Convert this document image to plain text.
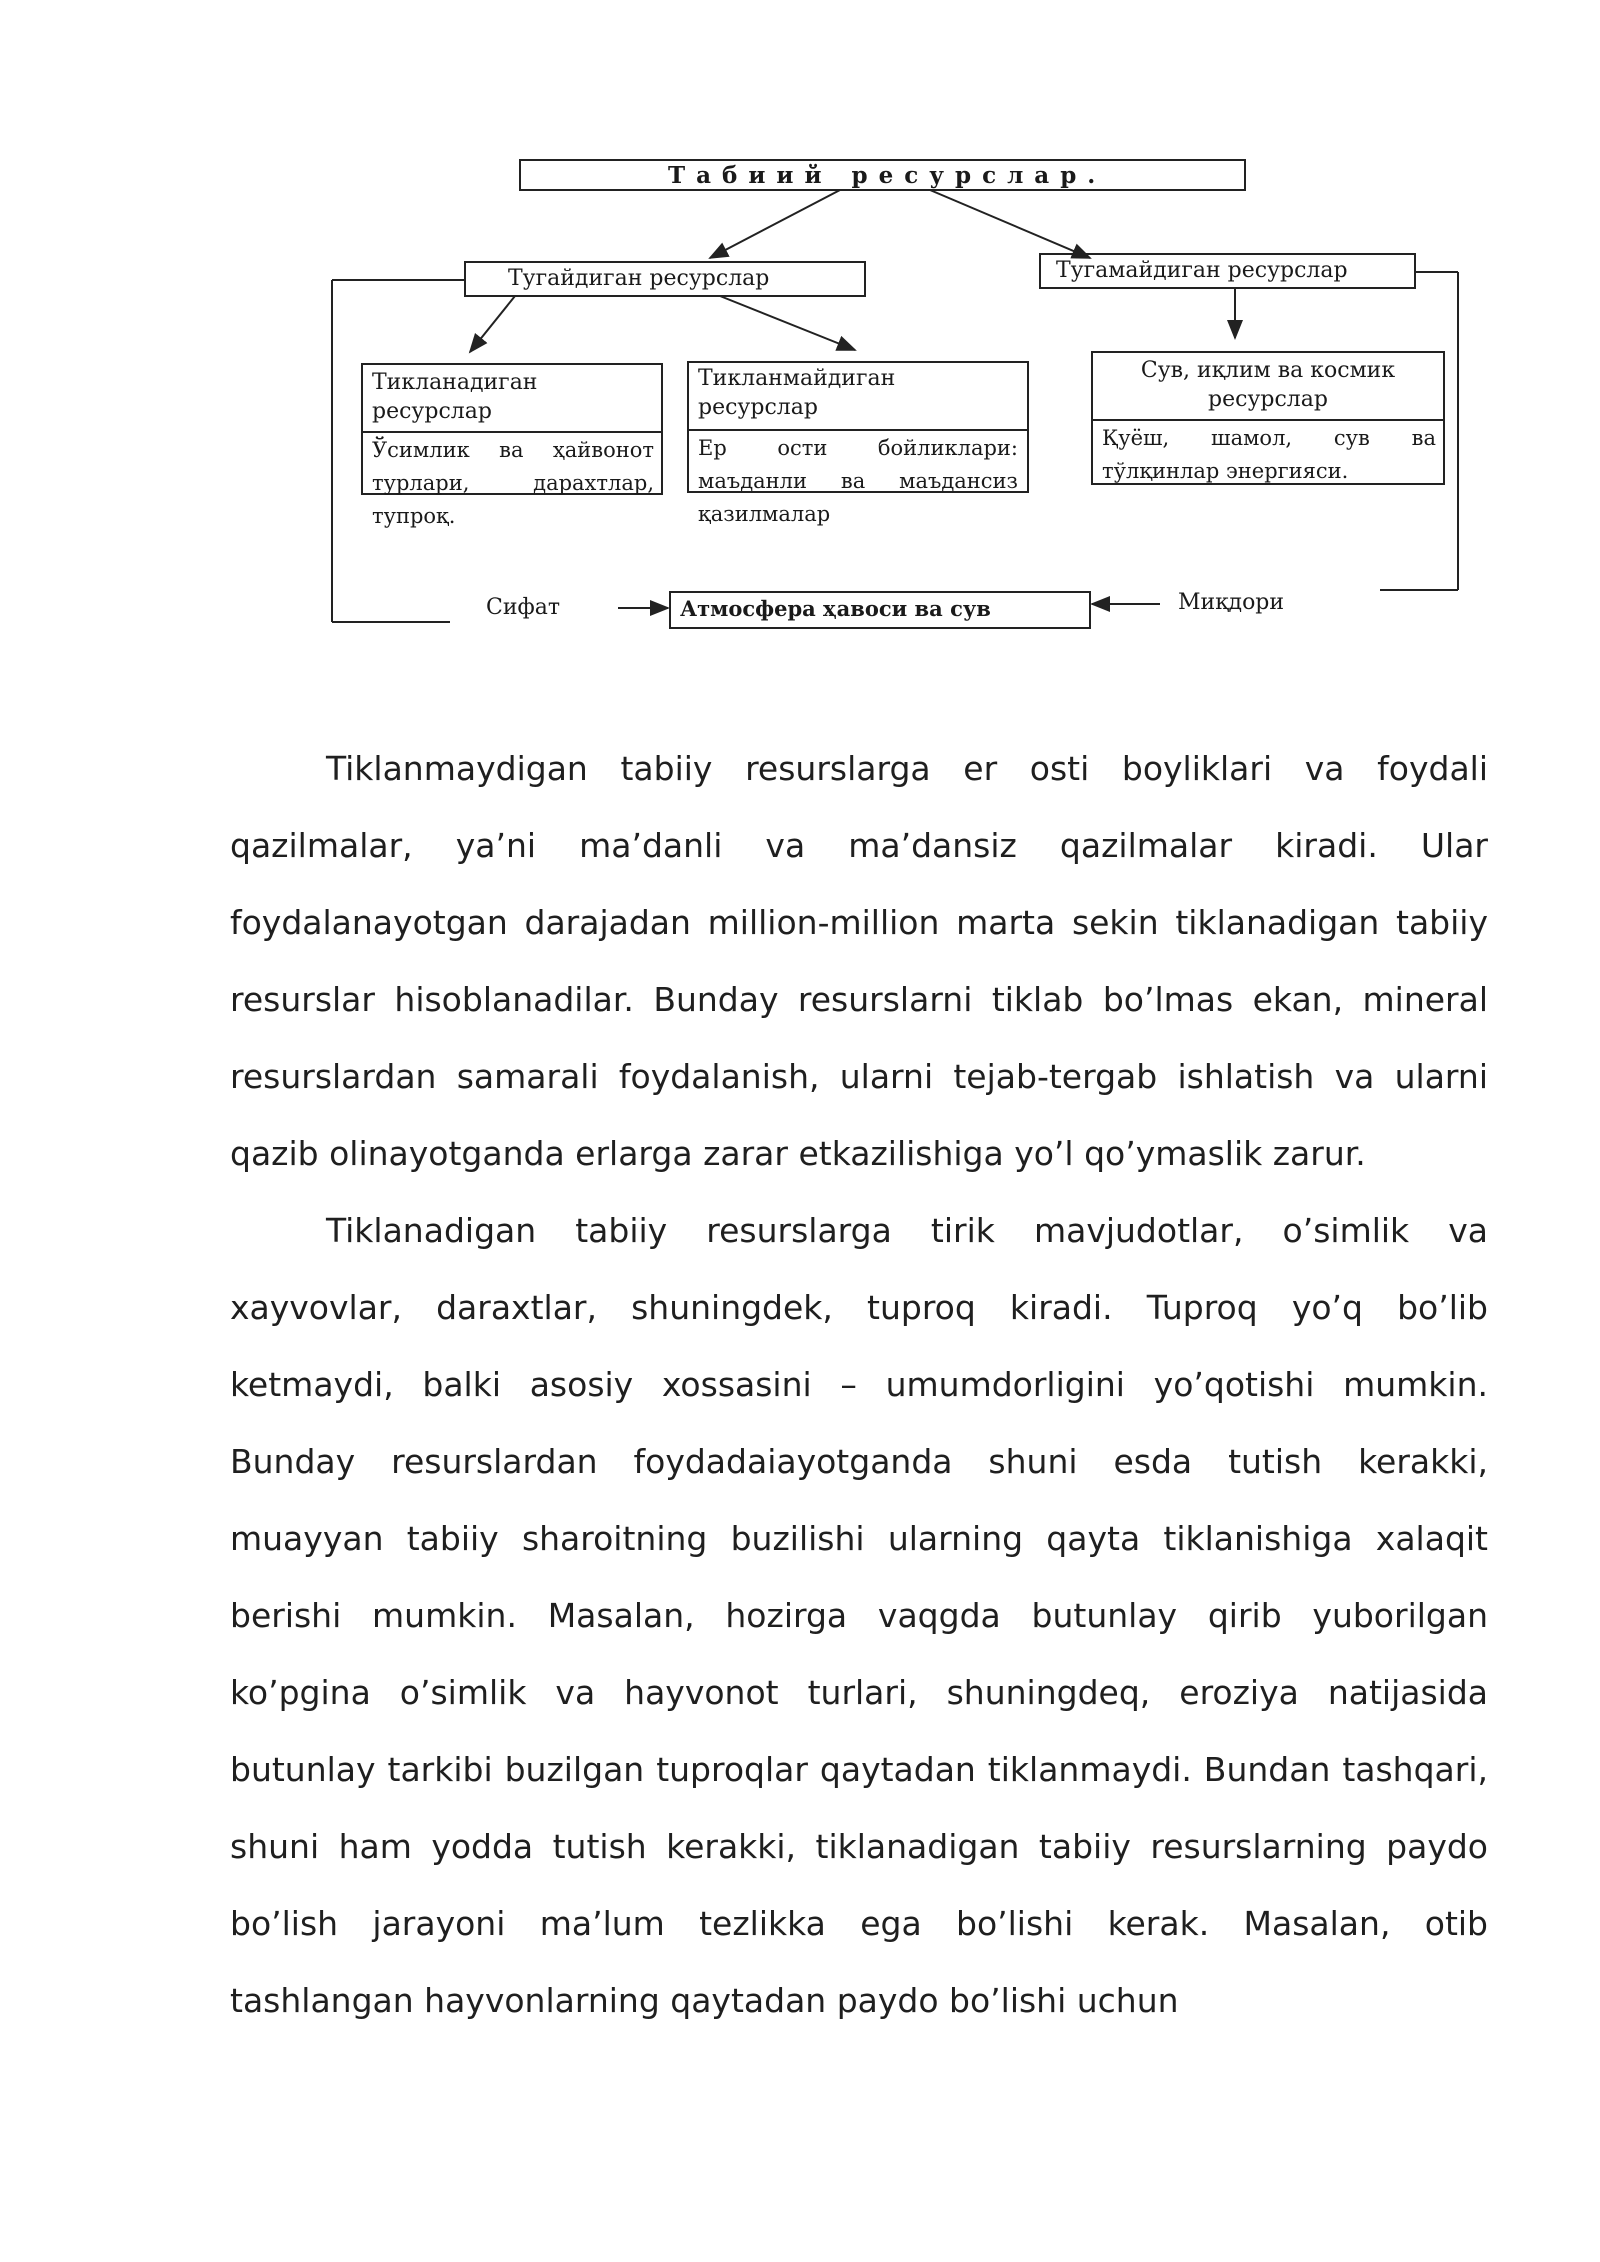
Табиий ресурслар.
Тугайдиган ресурслар	Тугамайдиган ресурслар
Тикланадиган ресурслар
Ўсимлик ва ҳайвонот турлари, дарахтлар, тупроқ.
Тикланмайдиган ресурслар
Ер ости бойликлари: маъданли ва маъдансиз қазилмалар
Сув, иқлим ва космик ресурслар
Қуёш, шамол, сув ва тўлқинлар энергияси.
Сифат	Атмосфера ҳавоси ва сув	Миқдори

Tiklanmaydigan tabiiy resurslarga er osti boyliklari va foydali qazilmalar, ya’ni ma’danli va ma’dansiz qazilmalar kiradi. Ular foydalanayotgan darajadan million-million marta sekin tiklanadigan tabiiy resurslar hisoblanadilar. Bunday resurslarni tiklab bo’lmas ekan, mineral resurslardan samarali foydalanish, ularni tejab-tergab ishlatish va ularni qazib olinayotganda erlarga zarar etkazilishiga yo’l qo’ymaslik zarur.

Tiklanadigan tabiiy resurslarga tirik mavjudotlar, o’simlik va xayvovlar, daraxtlar, shuningdek, tuproq kiradi. Tuproq yo’q bo’lib ketmaydi, balki asosiy xossasini – umumdorligini yo’qotishi mumkin. Bunday resurslardan foydadaiayotganda shuni esda tutish kerakki, muayyan tabiiy sharoitning buzilishi ularning qayta tiklanishiga xalaqit berishi mumkin. Masalan, hozirga vaqgda butunlay qirib yuborilgan ko’pgina o’simlik va hayvonot turlari, shuningdeq, eroziya natijasida butunlay tarkibi buzilgan tuproqlar qaytadan tiklanmaydi. Bundan tashqari, shuni ham yodda tutish kerakki, tiklanadigan tabiiy resurslarning paydo bo’lish jarayoni ma’lum tezlikka ega bo’lishi kerak. Masalan, otib tashlangan hayvonlarning qaytadan paydo bo’lishi uchun
